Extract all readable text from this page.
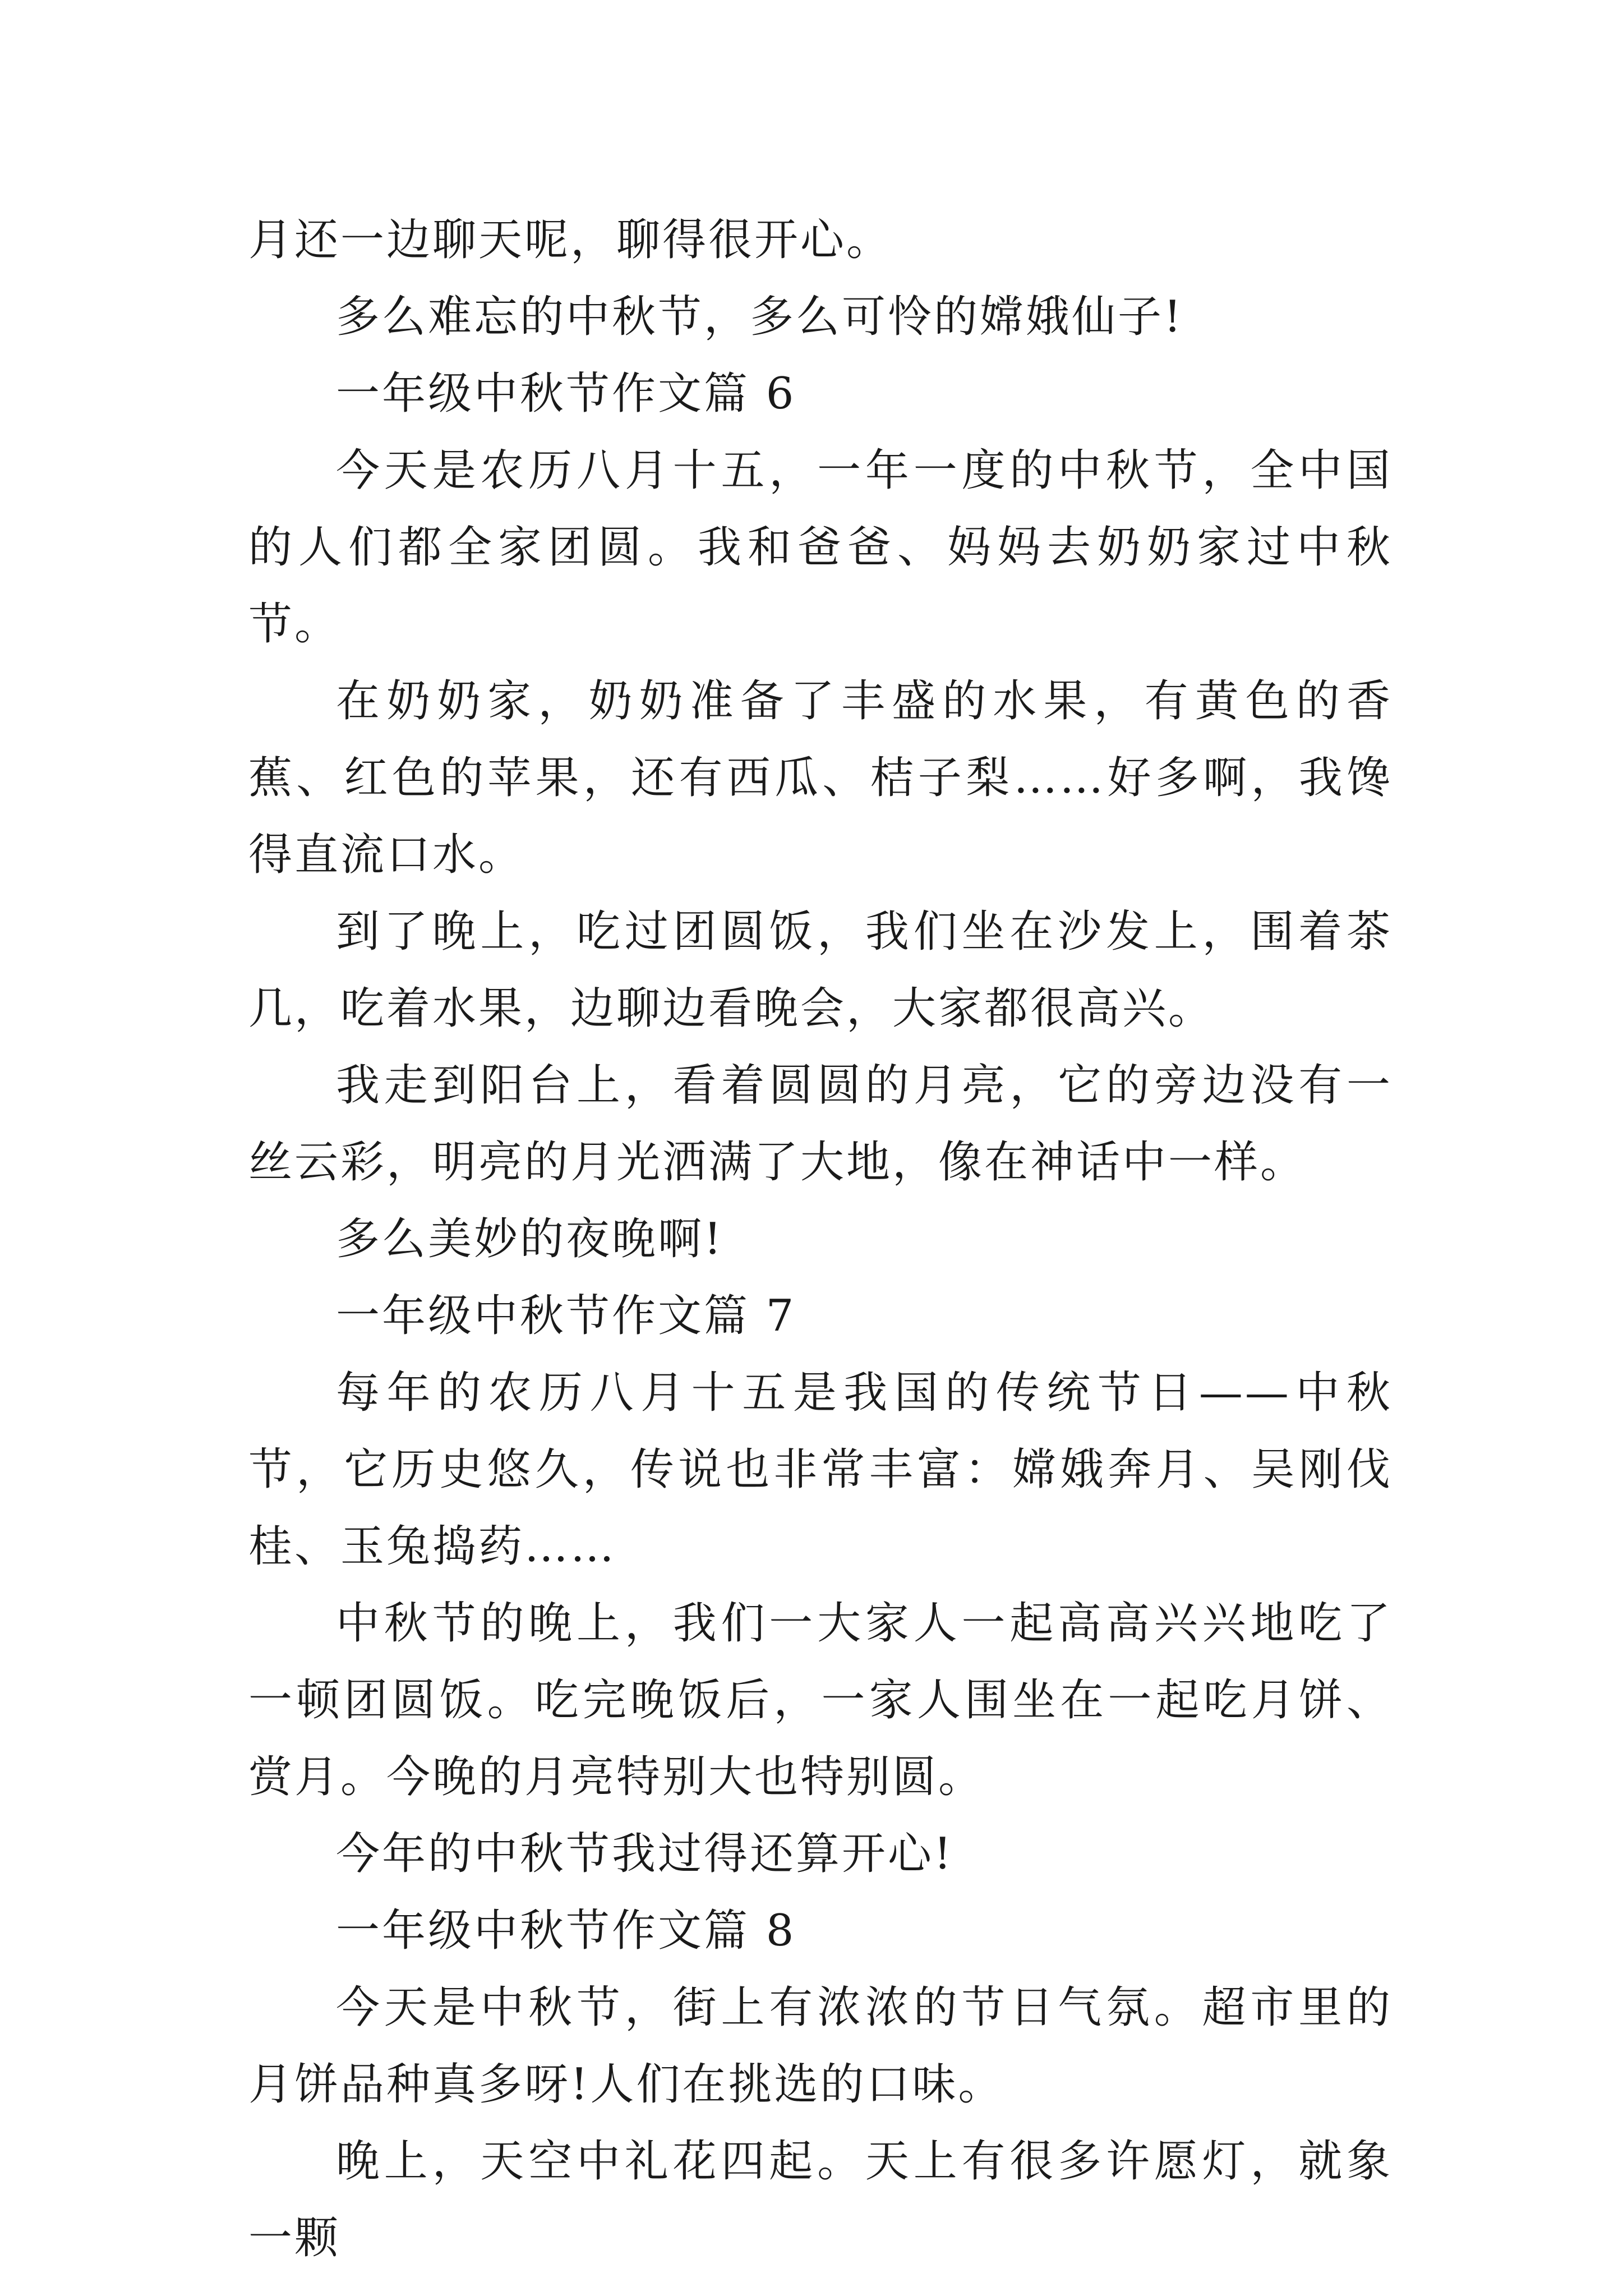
月还一边聊天呢，聊得很开心。

多么难忘的中秋节，多么可怜的嫦娥仙子!

一年级中秋节作文篇 6

今天是农历八月十五，一年一度的中秋节，全中国的人们都全家团圆。我和爸爸、妈妈去奶奶家过中秋节。

在奶奶家，奶奶准备了丰盛的水果，有黄色的香蕉、红色的苹果，还有西瓜、桔子梨……好多啊，我馋得直流口水。

到了晚上，吃过团圆饭，我们坐在沙发上，围着茶几，吃着水果，边聊边看晚会，大家都很高兴。

我走到阳台上，看着圆圆的月亮，它的旁边没有一丝云彩，明亮的月光洒满了大地，像在神话中一样。

多么美妙的夜晚啊!

一年级中秋节作文篇 7

每年的农历八月十五是我国的传统节日——中秋节，它历史悠久，传说也非常丰富：嫦娥奔月、吴刚伐桂、玉兔捣药……

中秋节的晚上，我们一大家人一起高高兴兴地吃了一顿团圆饭。吃完晚饭后，一家人围坐在一起吃月饼、赏月。今晚的月亮特别大也特别圆。

今年的中秋节我过得还算开心!

一年级中秋节作文篇 8

今天是中秋节，街上有浓浓的节日气氛。超市里的月饼品种真多呀!人们在挑选的口味。

晚上，天空中礼花四起。天上有很多许愿灯，就象一颗
